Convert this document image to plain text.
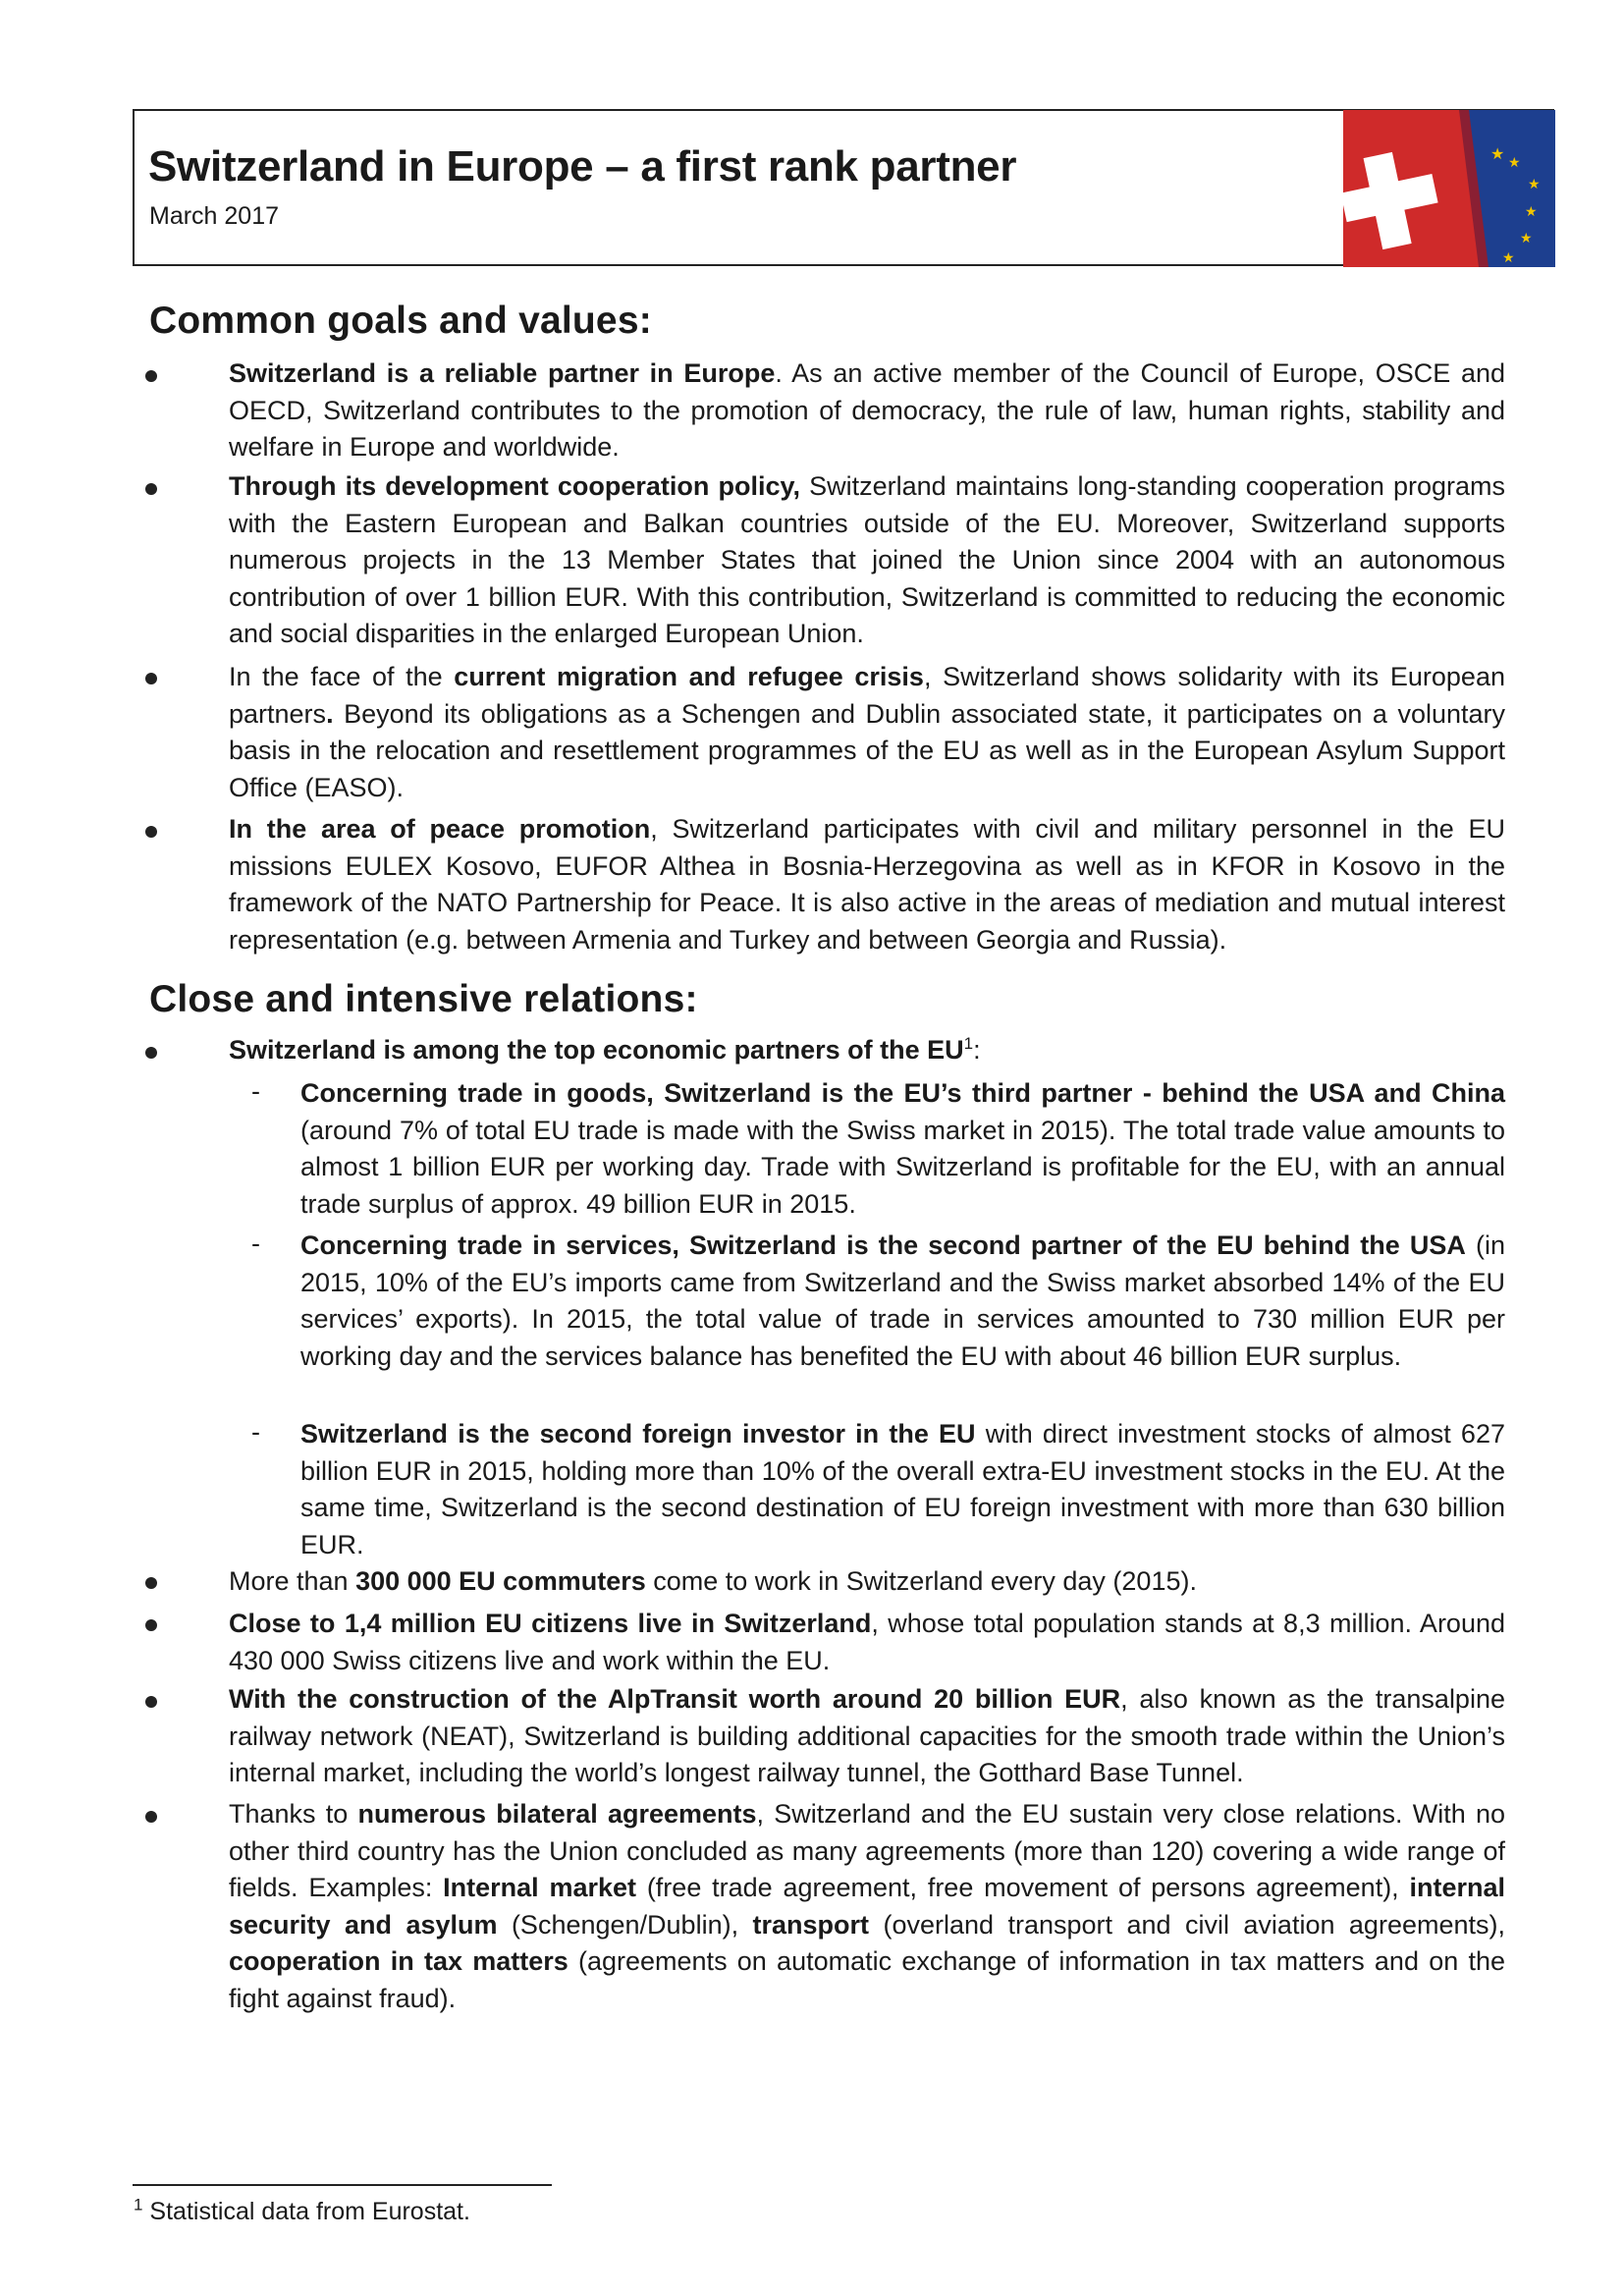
Switzerland in Europe – a first rank partner
March 2017
★ ★
★
★
★
★
Common goals and values:
Switzerland is a reliable partner in Europe. As an active member of the Council of Europe, OSCE and OECD, Switzerland contributes to the promotion of democracy, the rule of law, human rights, stability and welfare in Europe and worldwide.
Through its development cooperation policy, Switzerland maintains long-standing cooperation programs with the Eastern European and Balkan countries outside of the EU. Moreover, Switzerland supports numerous projects in the 13 Member States that joined the Union since 2004 with an autonomous contribution of over 1 billion EUR. With this contribution, Switzerland is committed to reducing the economic and social disparities in the enlarged European Union.
In the face of the current migration and refugee crisis, Switzerland shows solidarity with its European partners. Beyond its obligations as a Schengen and Dublin associated state, it participates on a voluntary basis in the relocation and resettlement programmes of the EU as well as in the European Asylum Support Office (EASO).
In the area of peace promotion, Switzerland participates with civil and military personnel in the EU missions EULEX Kosovo, EUFOR Althea in Bosnia-Herzegovina as well as in KFOR in Kosovo in the framework of the NATO Partnership for Peace. It is also active in the areas of mediation and mutual interest representation (e.g. between Armenia and Turkey and between Georgia and Russia).
Close and intensive relations:
Switzerland is among the top economic partners of the $EU^1$:
- Concerning trade in goods, Switzerland is the EU’s third partner - behind the USA and China (around 7% of total EU trade is made with the Swiss market in 2015). The total trade value amounts to almost 1 billion EUR per working day. Trade with Switzerland is profitable for the EU, with an annual trade surplus of approx. 49 billion EUR in 2015.
- Concerning trade in services, Switzerland is the second partner of the EU behind the USA (in 2015, 10% of the EU’s imports came from Switzerland and the Swiss market absorbed 14% of the EU services’ exports). In 2015, the total value of trade in services amounted to 730 million EUR per working day and the services balance has benefited the EU with about 46 billion EUR surplus.
- Switzerland is the second foreign investor in the EU with direct investment stocks of almost 627 billion EUR in 2015, holding more than 10% of the overall extra-EU investment stocks in the EU. At the same time, Switzerland is the second destination of EU foreign investment with more than 630 billion EUR.
More than 300 000 EU commuters come to work in Switzerland every day (2015).
Close to 1,4 million EU citizens live in Switzerland, whose total population stands at 8,3 million. Around 430 000 Swiss citizens live and work within the EU.
With the construction of the AlpTransit worth around 20 billion EUR, also known as the transalpine railway network (NEAT), Switzerland is building additional capacities for the smooth trade within the Union’s internal market, including the world’s longest railway tunnel, the Gotthard Base Tunnel.
Thanks to numerous bilateral agreements, Switzerland and the EU sustain very close relations. With no other third country has the Union concluded as many agreements (more than 120) covering a wide range of fields. Examples: Internal market (free trade agreement, free movement of persons agreement), internal security and asylum (Schengen/Dublin), transport (overland transport and civil aviation agreements), cooperation in tax matters (agreements on automatic exchange of information in tax matters and on the fight against fraud).
$^1$ Statistical data from Eurostat.
